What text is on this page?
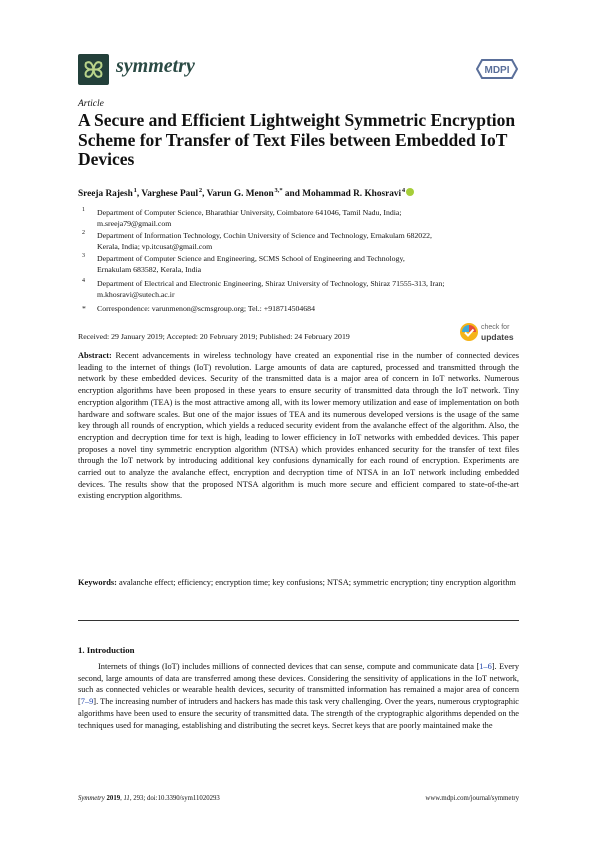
symmetry	MDPI
Article
A Secure and Efficient Lightweight Symmetric Encryption Scheme for Transfer of Text Files between Embedded IoT Devices
Sreeja Rajesh $^1$, Varghese Paul $^2$, Varun G. Menon $^{3,*}$ and Mohammad R. Khosravi $^4$
1 Department of Computer Science, Bharathiar University, Coimbatore 641046, Tamil Nadu, India;
m.sreeja79@gmail.com
2 Department of Information Technology, Cochin University of Science and Technology, Ernakulam 682022,
Kerala, India; vp.itcusat@gmail.com
3 Department of Computer Science and Engineering, SCMS School of Engineering and Technology,
Ernakulam 683582, Kerala, India
4 Department of Electrical and Electronic Engineering, Shiraz University of Technology, Shiraz 71555-313, Iran;
m.khosravi@sutech.ac.ir
* Correspondence: varunmenon@scmsgroup.org; Tel.: +918714504684
Received: 29 January 2019; Accepted: 20 February 2019; Published: 24 February 2019
check for
updates
Abstract: Recent advancements in wireless technology have created an exponential rise in the number of connected devices leading to the internet of things (IoT) revolution. Large amounts of data are captured, processed and transmitted through the network by these embedded devices. Security of the transmitted data is a major area of concern in IoT networks. Numerous encryption algorithms have been proposed in these years to ensure security of transmitted data through the IoT network. Tiny encryption algorithm (TEA) is the most attractive among all, with its lower memory utilization and ease of implementation on both hardware and software scales. But one of the major issues of TEA and its numerous developed versions is the usage of the same key through all rounds of encryption, which yields a reduced security evident from the avalanche effect of the algorithm. Also, the encryption and decryption time for text is high, leading to lower efficiency in IoT networks with embedded devices. This paper proposes a novel tiny symmetric encryption algorithm (NTSA) which provides enhanced security for the transfer of text files through the IoT network by introducing additional key confusions dynamically for each round of encryption. Experiments are carried out to analyze the avalanche effect, encryption and decryption time of NTSA in an IoT network including embedded devices. The results show that the proposed NTSA algorithm is much more secure and efficient compared to state-of-the-art existing encryption algorithms.
Keywords: avalanche effect; efficiency; encryption time; key confusions; NTSA; symmetric encryption; tiny encryption algorithm
1. Introduction
Internets of things (IoT) includes millions of connected devices that can sense, compute and communicate data [1–6]. Every second, large amounts of data are transferred among these devices. Considering the sensitivity of applications in the IoT network, such as connected vehicles or wearable health devices, security of transmitted information has remained a major area of concern [7–9]. The increasing number of intruders and hackers has made this task very challenging. Over the years, numerous cryptographic algorithms have been used to ensure the security of transmitted data. The strength of the cryptographic algorithms depended on the techniques used for managing, establishing and distributing the secret keys. Secret keys that are poorly maintained make the
Symmetry 2019, 11, 293; doi:10.3390/sym11020293	www.mdpi.com/journal/symmetry
